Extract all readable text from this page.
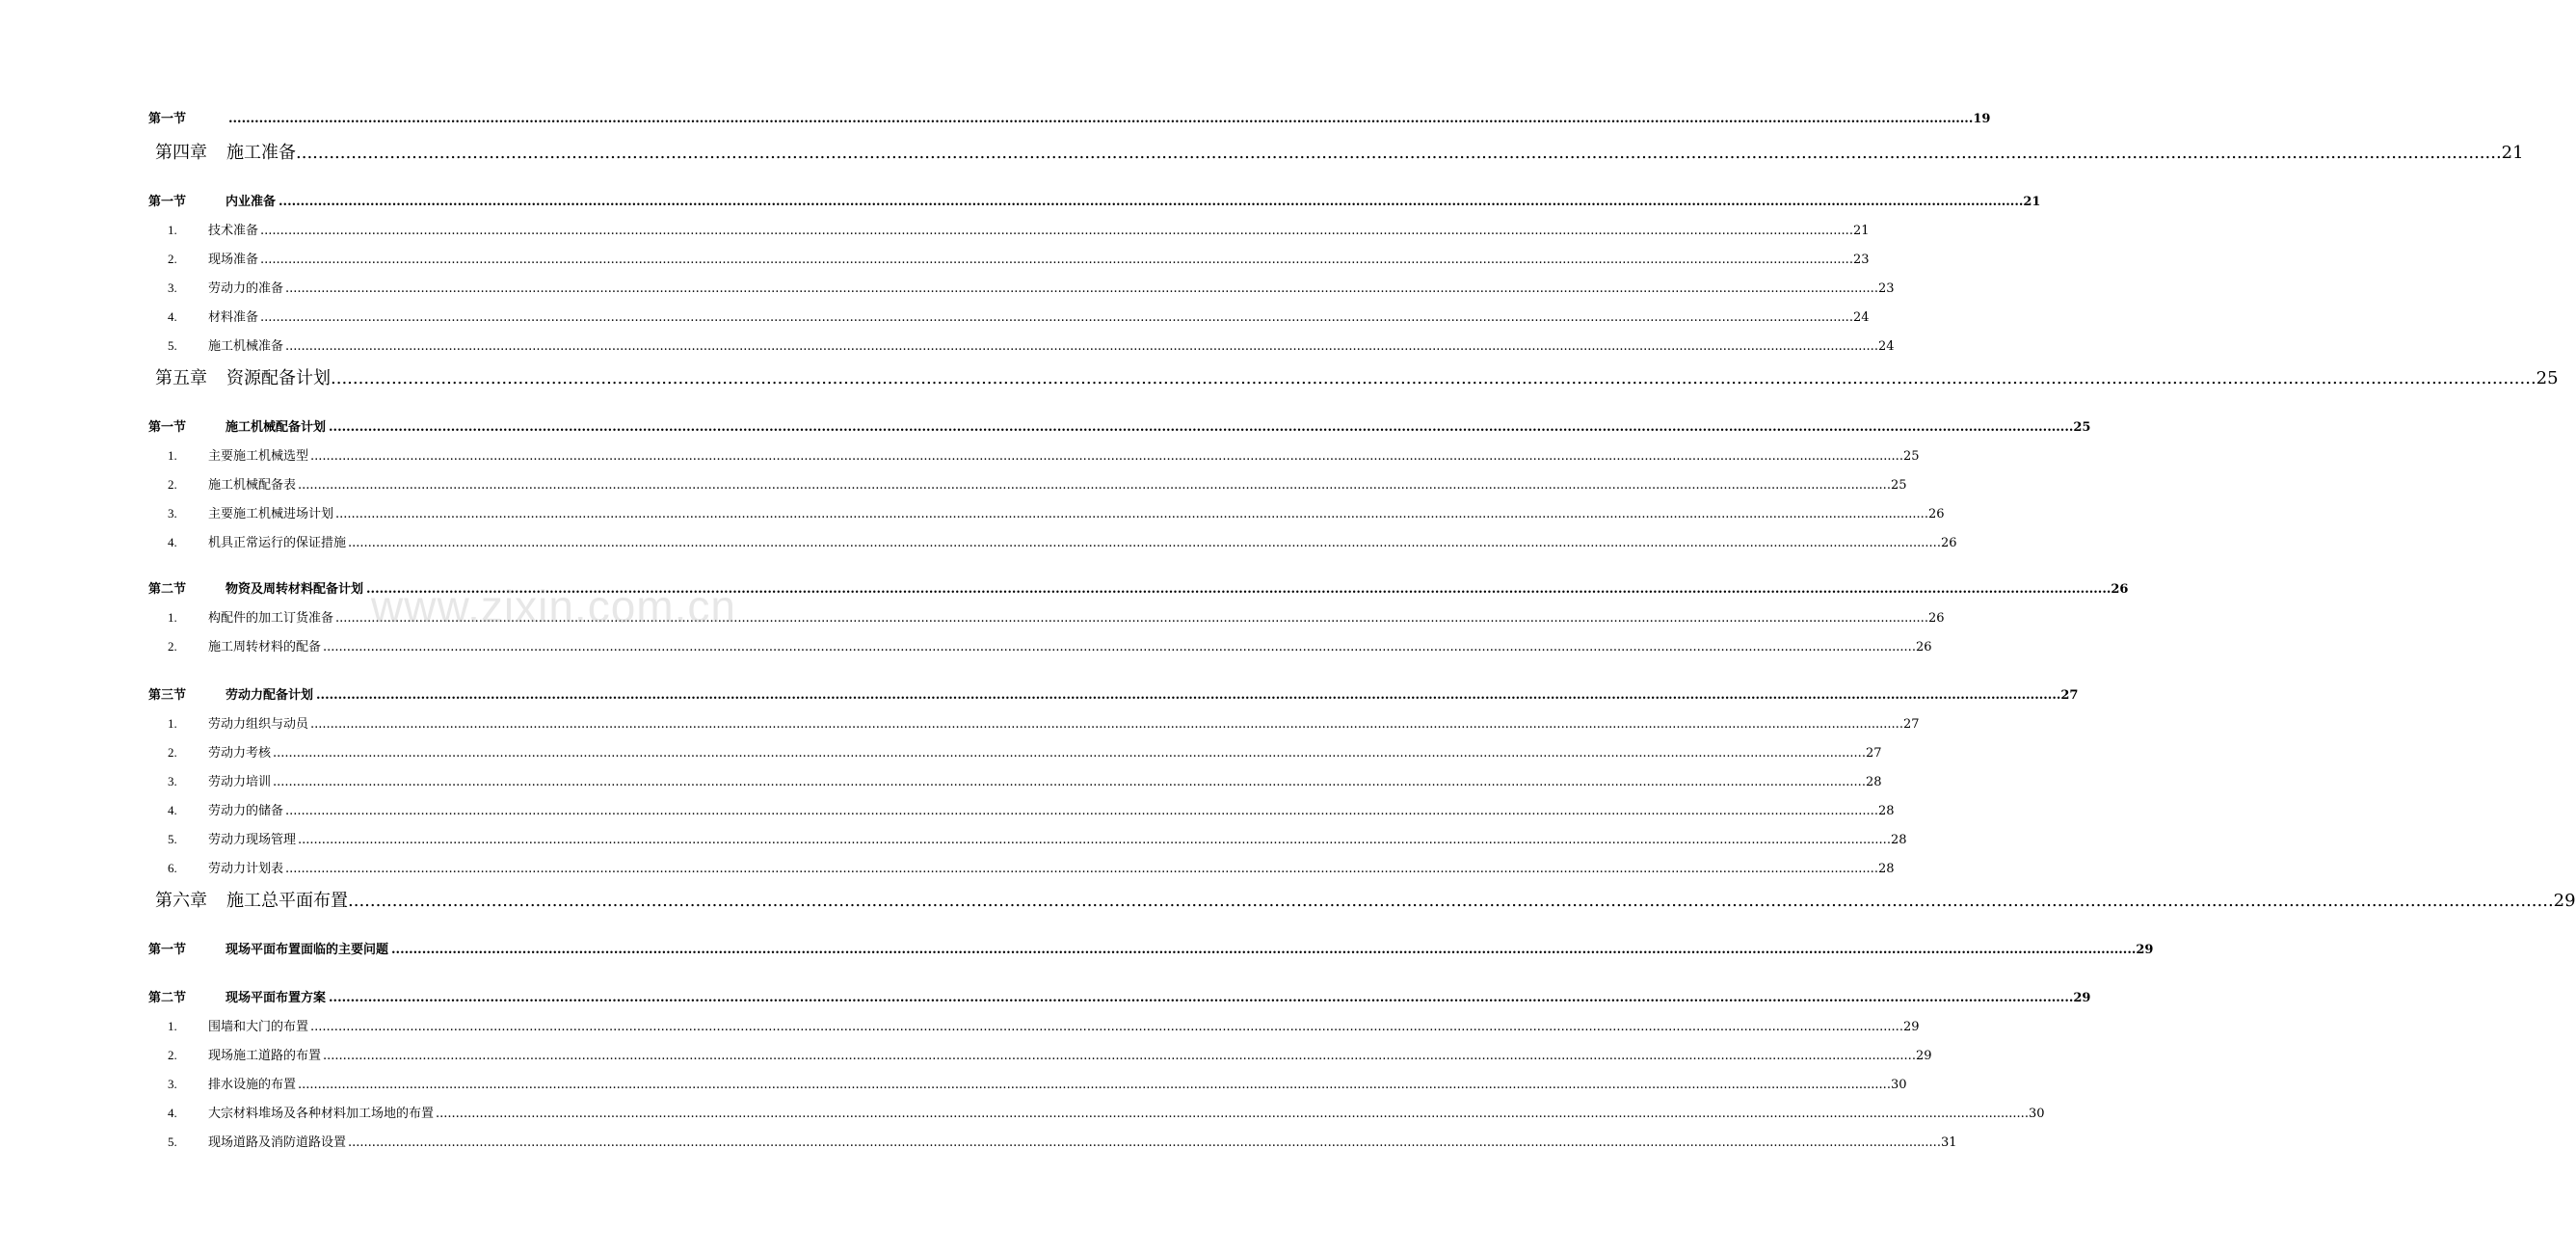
第一节	................................................................................................................................................................................................................................................................................................................................................................................................................ 19
第四章	施工准备 ................................................................................................................................................................................................................................................................................................................................................................................................................ 21
第一节	内业准备 ................................................................................................................................................................................................................................................................................................................................................................................................................ 21
1.	技术准备 ................................................................................................................................................................................................................................................................................................................................................................................................................ 21
2.	现场准备 ................................................................................................................................................................................................................................................................................................................................................................................................................ 23
3.	劳动力的准备 ................................................................................................................................................................................................................................................................................................................................................................................................................ 23
4.	材料准备 ................................................................................................................................................................................................................................................................................................................................................................................................................ 24
5.	施工机械准备 ................................................................................................................................................................................................................................................................................................................................................................................................................ 24
第五章	资源配备计划 ................................................................................................................................................................................................................................................................................................................................................................................................................ 25
第一节	施工机械配备计划 ................................................................................................................................................................................................................................................................................................................................................................................................................ 25
1.	主要施工机械选型 ................................................................................................................................................................................................................................................................................................................................................................................................................ 25
2.	施工机械配备表 ................................................................................................................................................................................................................................................................................................................................................................................................................ 25
3.	主要施工机械进场计划 ................................................................................................................................................................................................................................................................................................................................................................................................................ 26
4.	机具正常运行的保证措施 ................................................................................................................................................................................................................................................................................................................................................................................................................ 26
第二节	物资及周转材料配备计划 ................................................................................................................................................................................................................................................................................................................................................................................................................ 26
1.	构配件的加工订货准备 ................................................................................................................................................................................................................................................................................................................................................................................................................ 26
2.	施工周转材料的配备 ................................................................................................................................................................................................................................................................................................................................................................................................................ 26
第三节	劳动力配备计划 ................................................................................................................................................................................................................................................................................................................................................................................................................ 27
1.	劳动力组织与动员 ................................................................................................................................................................................................................................................................................................................................................................................................................ 27
2.	劳动力考核 ................................................................................................................................................................................................................................................................................................................................................................................................................ 27
3.	劳动力培训 ................................................................................................................................................................................................................................................................................................................................................................................................................ 28
4.	劳动力的储备 ................................................................................................................................................................................................................................................................................................................................................................................................................ 28
5.	劳动力现场管理 ................................................................................................................................................................................................................................................................................................................................................................................................................ 28
6.	劳动力计划表 ................................................................................................................................................................................................................................................................................................................................................................................................................ 28
第六章	施工总平面布置 ................................................................................................................................................................................................................................................................................................................................................................................................................ 29
第一节	现场平面布置面临的主要问题 ................................................................................................................................................................................................................................................................................................................................................................................................................ 29
第二节	现场平面布置方案 ................................................................................................................................................................................................................................................................................................................................................................................................................ 29
1.	围墙和大门的布置 ................................................................................................................................................................................................................................................................................................................................................................................................................ 29
2.	现场施工道路的布置 ................................................................................................................................................................................................................................................................................................................................................................................................................ 29
3.	排水设施的布置 ................................................................................................................................................................................................................................................................................................................................................................................................................ 30
4.	大宗材料堆场及各种材料加工场地的布置 ................................................................................................................................................................................................................................................................................................................................................................................................................ 30
5.	现场道路及消防道路设置 ................................................................................................................................................................................................................................................................................................................................................................................................................ 31
www.zixin.com.cn
